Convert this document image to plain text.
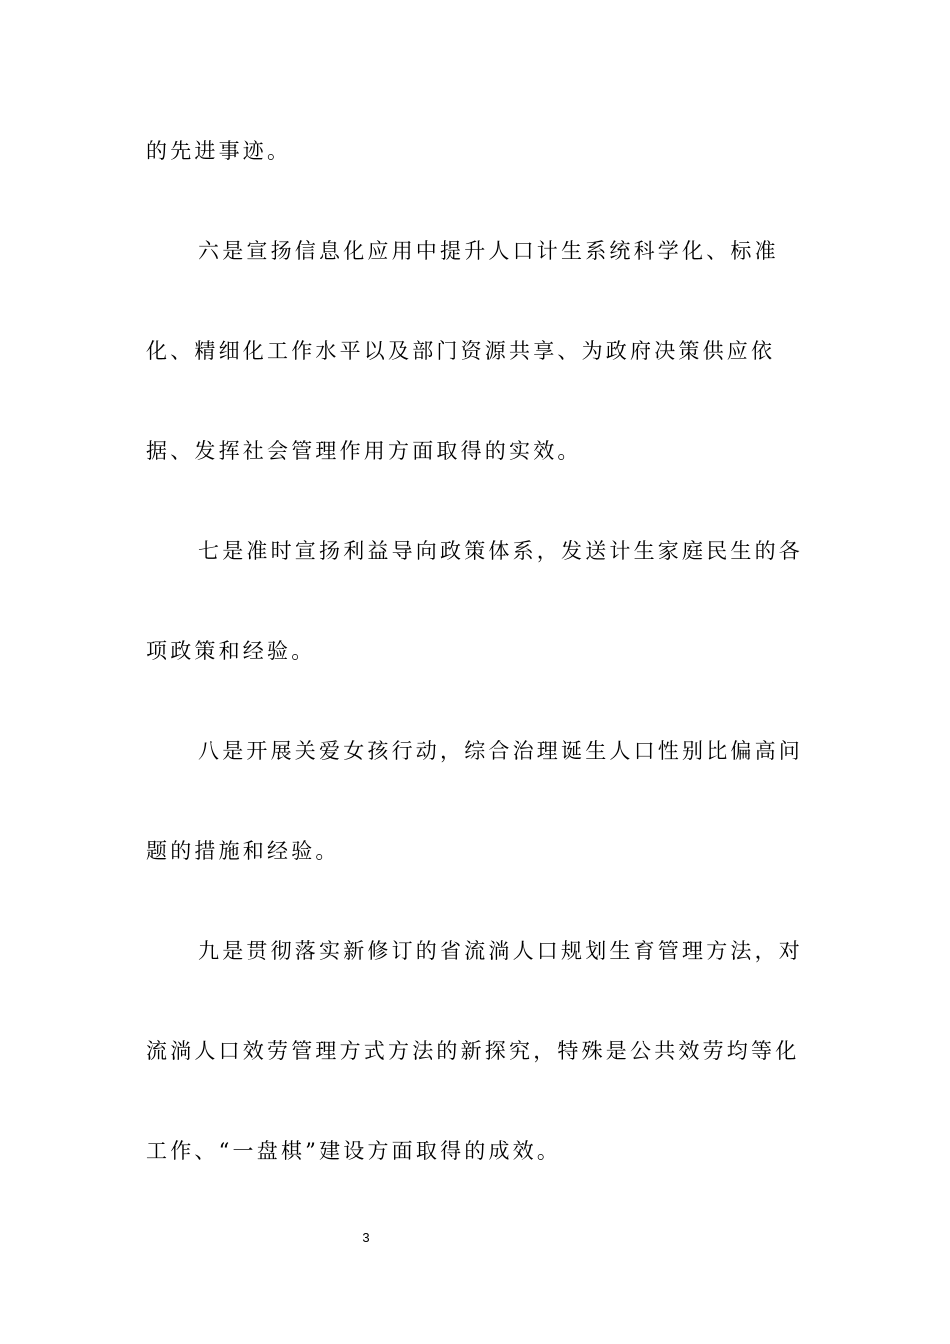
的先进事迹。
六是宣扬信息化应用中提升人口计生系统科学化、标准
化、精细化工作水平以及部门资源共享、为政府决策供应依
据、发挥社会管理作用方面取得的实效。
七是准时宣扬利益导向政策体系，发送计生家庭民生的各
项政策和经验。
八是开展关爱女孩行动，综合治理诞生人口性别比偏高问
题的措施和经验。
九是贯彻落实新修订的省流淌人口规划生育管理方法，对
流淌人口效劳管理方式方法的新探究，特殊是公共效劳均等化
工作、“一盘棋”建设方面取得的成效。
3
